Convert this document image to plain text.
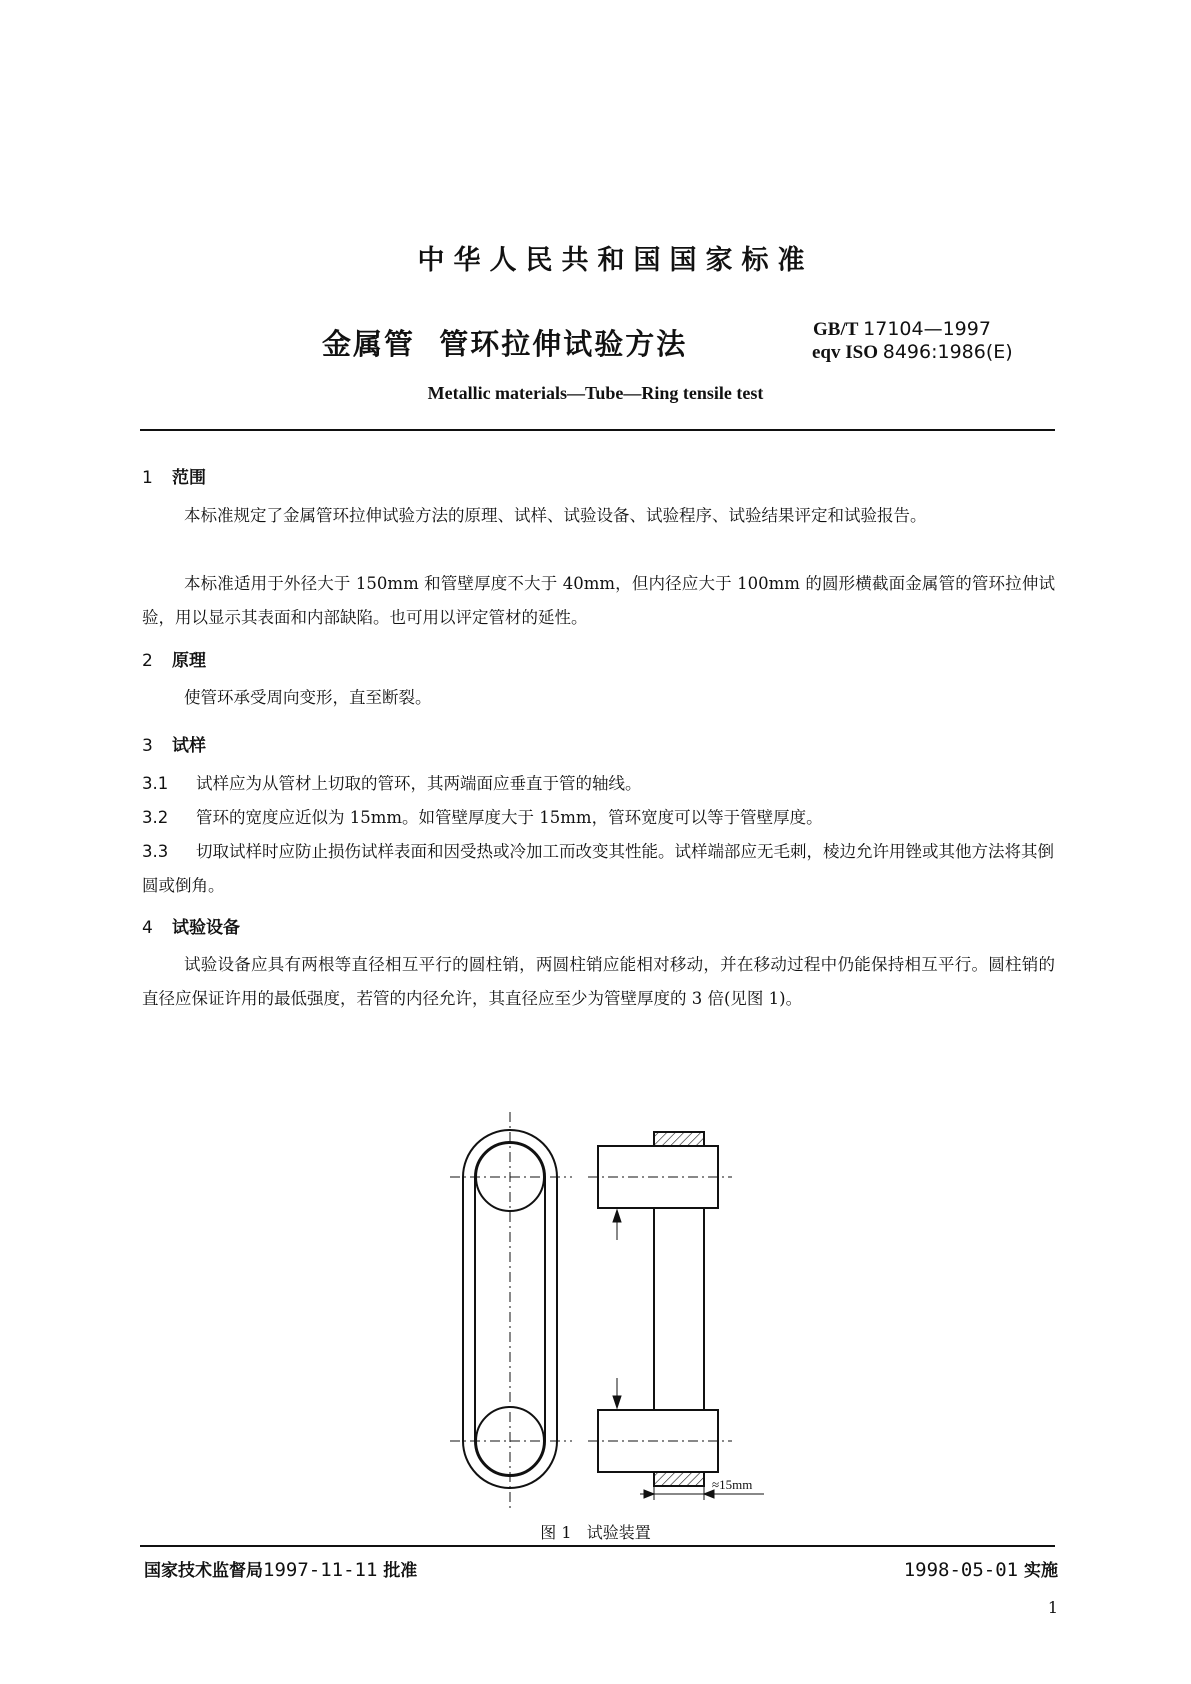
中华人民共和国国家标准
金属管  管环拉伸试验方法	GB/T 17104—1997
eqv ISO 8496:1986(E)
Metallic materials—Tube—Ring tensile test
1 范围
本标准规定了金属管环拉伸试验方法的原理、试样、试验设备、试验程序、试验结果评定和试验报告。
本标准适用于外径大于 150mm 和管壁厚度不大于 40mm，但内径应大于 100mm 的圆形横截面金属管的管环拉伸试验，用以显示其表面和内部缺陷。也可用以评定管材的延性。
2 原理
使管环承受周向变形，直至断裂。
3 试样
3.1 试样应为从管材上切取的管环，其两端面应垂直于管的轴线。
3.2 管环的宽度应近似为 15mm。如管壁厚度大于 15mm，管环宽度可以等于管壁厚度。
3.3 切取试样时应防止损伤试样表面和因受热或冷加工而改变其性能。试样端部应无毛刺，棱边允许用锉或其他方法将其倒圆或倒角。
4 试验设备
试验设备应具有两根等直径相互平行的圆柱销，两圆柱销应能相对移动，并在移动过程中仍能保持相互平行。圆柱销的直径应保证许用的最低强度，若管的内径允许，其直径应至少为管壁厚度的 3 倍(见图 1)。
≈15mm
图 1   试验装置
国家技术监督局1997-11-11 批准	1998-05-01 实施
1
